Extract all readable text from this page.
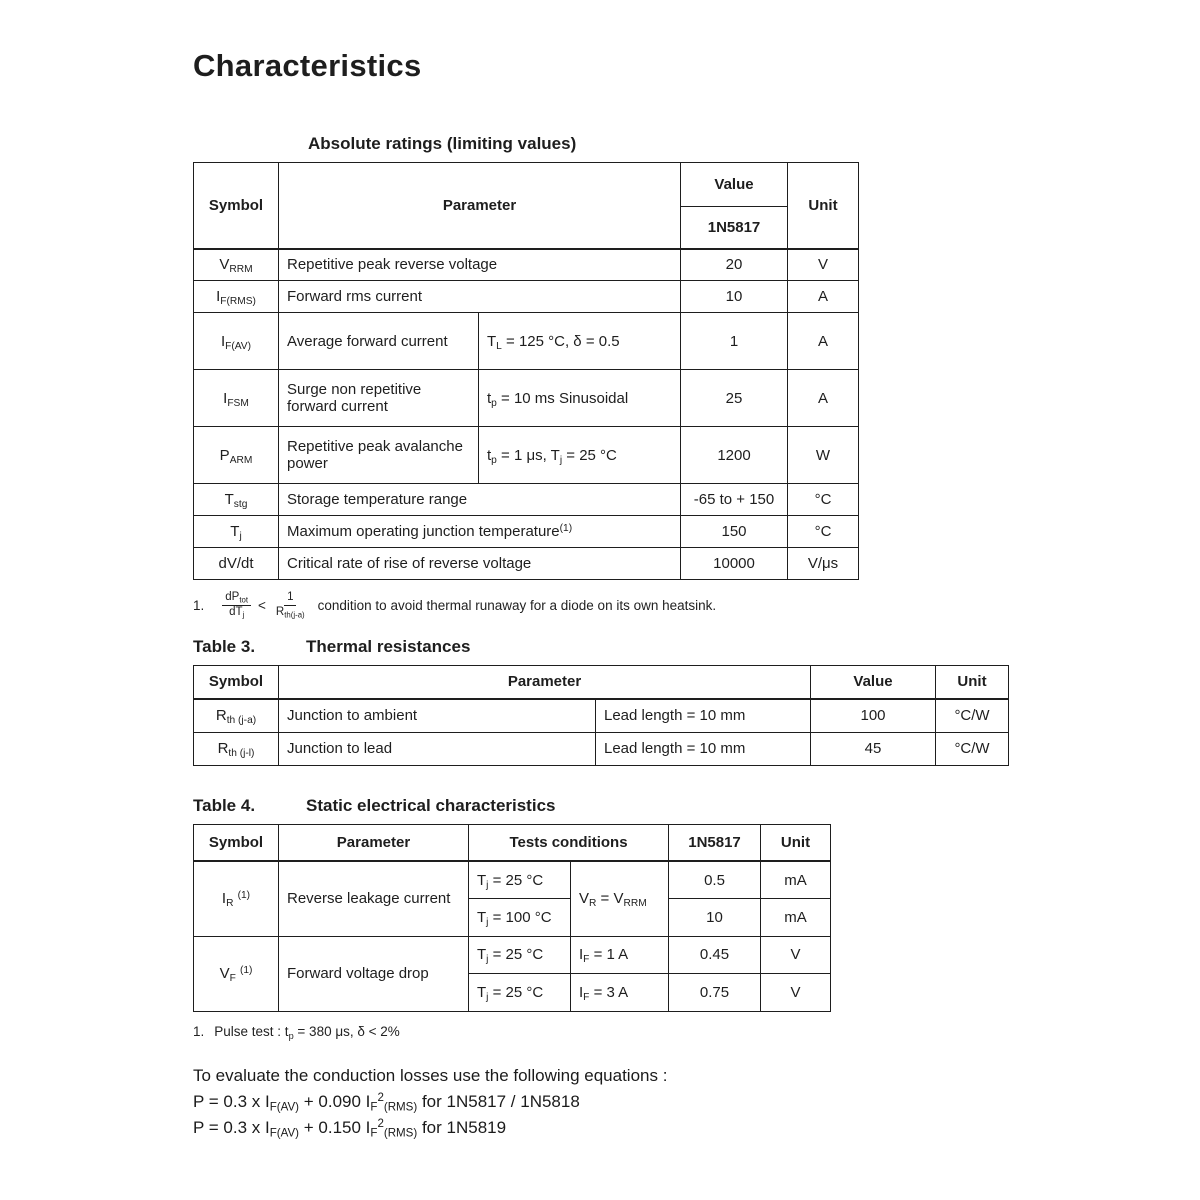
Characteristics
Absolute ratings (limiting values)
Symbol	Parameter		Value	Unit
			1N5817	
$V_{RRM}$	Repetitive peak reverse voltage		20	V
$I_{F(RMS)}$	Forward rms current		10	A
$I_{F(AV)}$	Average forward current	$T_L = 125$ °C, δ = 0.5	1	A
$I_{FSM}$	Surge non repetitive forward current	$t_p = 10$ ms Sinusoidal	25	A
$P_{ARM}$	Repetitive peak avalanche power	$t_p = 1$ μs, $T_j = 25$ °C	1200	W
$T_{stg}$	Storage temperature range		-65 to + 150	°C
$T_j$	Maximum operating junction temperature$^{(1)}$		150	°C
dV/dt	Critical rate of rise of reverse voltage		10000	V/μs
1. $\frac{dP_{tot}}{dT_j} < \frac{1}{R_{th(j-a)}}$ condition to avoid thermal runaway for a diode on its own heatsink.
Table 3.	Thermal resistances
Symbol	Parameter		Value	Unit
$R_{th (j-a)}$	Junction to ambient	Lead length = 10 mm	100	°C/W
$R_{th (j-l)}$	Junction to lead	Lead length = 10 mm	45	°C/W
Table 4.	Static electrical characteristics
Symbol	Parameter	Tests conditions		1N5817	Unit
$I_R$ $^{(1)}$	Reverse leakage current	$T_j = 25$ °C	$V_R = V_{RRM}$	0.5	mA
		$T_j = 100$ °C		10	mA
$V_F$ $^{(1)}$	Forward voltage drop	$T_j = 25$ °C	$I_F = 1$ A	0.45	V
		$T_j = 25$ °C	$I_F = 3$ A	0.75	V
1. Pulse test : $t_p = 380$ μs, δ < 2%
To evaluate the conduction losses use the following equations :
P = 0.3 x $I_{F(AV)} + 0.090$ $I_F^2_{(RMS)}$ for 1N5817 / 1N5818
P = 0.3 x $I_{F(AV)} + 0.150$ $I_F^2_{(RMS)}$ for 1N5819
